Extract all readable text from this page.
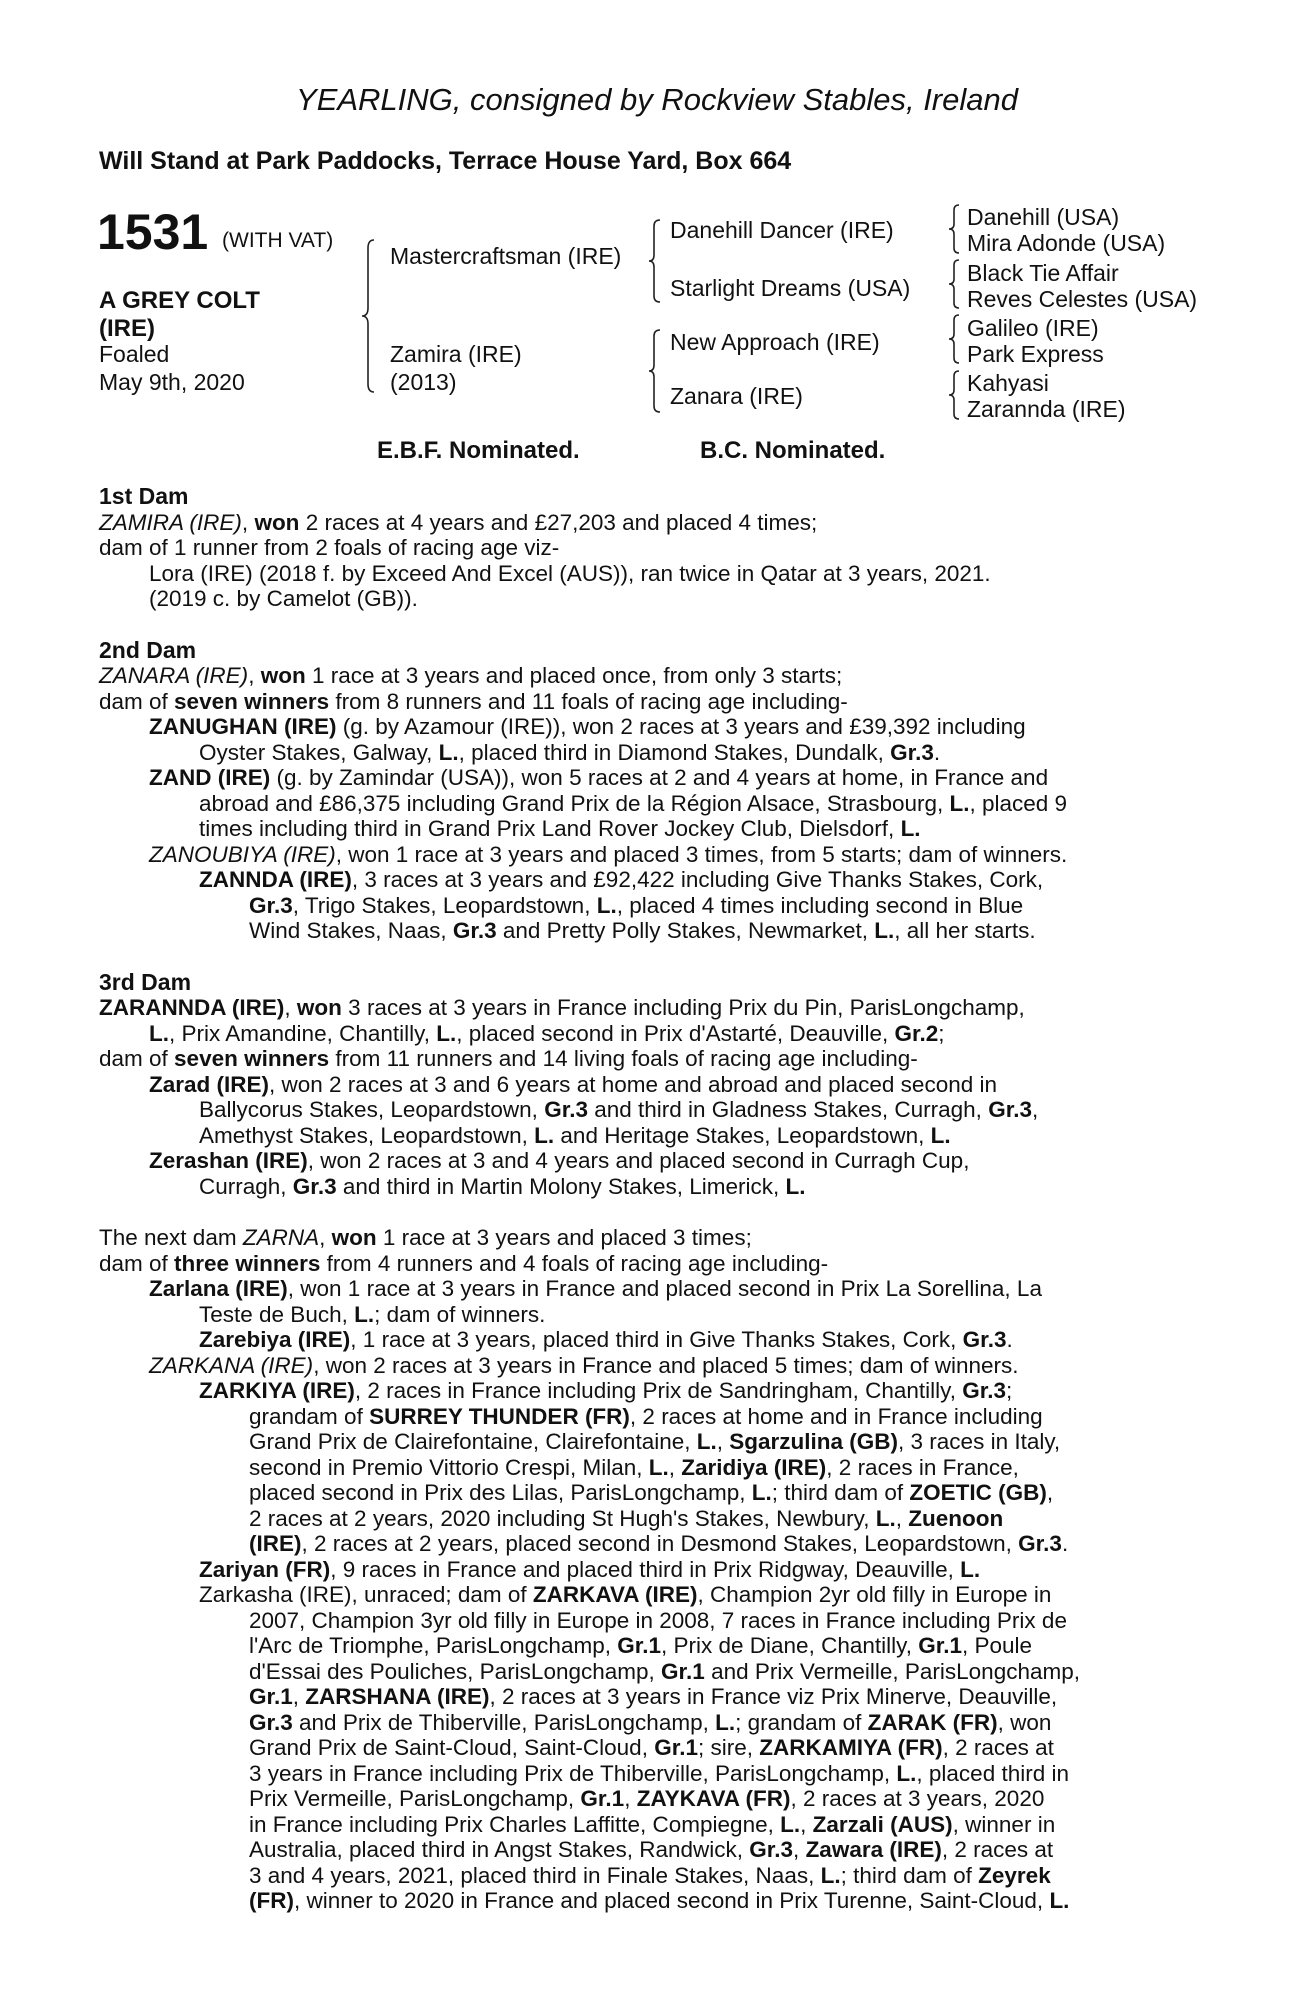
YEARLING, consigned by Rockview Stables, Ireland
Will Stand at Park Paddocks, Terrace House Yard, Box 664
1531 (WITH VAT)
A GREY COLT
(IRE)
Foaled
May 9th, 2020
Mastercraftsman (IRE)
Zamira (IRE)
(2013)
Danehill Dancer (IRE)
Starlight Dreams (USA)
New Approach (IRE)
Zanara (IRE)
Danehill (USA)
Mira Adonde (USA)
Black Tie Affair
Reves Celestes (USA)
Galileo (IRE)
Park Express
Kahyasi
Zarannda (IRE)
E.B.F. Nominated.	B.C. Nominated.
1st Dam
ZAMIRA (IRE), won 2 races at 4 years and £27,203 and placed 4 times;
dam of 1 runner from 2 foals of racing age viz-
Lora (IRE) (2018 f. by Exceed And Excel (AUS)), ran twice in Qatar at 3 years, 2021.
(2019 c. by Camelot (GB)).
2nd Dam
ZANARA (IRE), won 1 race at 3 years and placed once, from only 3 starts;
dam of seven winners from 8 runners and 11 foals of racing age including-
ZANUGHAN (IRE) (g. by Azamour (IRE)), won 2 races at 3 years and £39,392 including
Oyster Stakes, Galway, L., placed third in Diamond Stakes, Dundalk, Gr.3.
ZAND (IRE) (g. by Zamindar (USA)), won 5 races at 2 and 4 years at home, in France and
abroad and £86,375 including Grand Prix de la Région Alsace, Strasbourg, L., placed 9
times including third in Grand Prix Land Rover Jockey Club, Dielsdorf, L.
ZANOUBIYA (IRE), won 1 race at 3 years and placed 3 times, from 5 starts; dam of winners.
ZANNDA (IRE), 3 races at 3 years and £92,422 including Give Thanks Stakes, Cork,
Gr.3, Trigo Stakes, Leopardstown, L., placed 4 times including second in Blue
Wind Stakes, Naas, Gr.3 and Pretty Polly Stakes, Newmarket, L., all her starts.
3rd Dam
ZARANNDA (IRE), won 3 races at 3 years in France including Prix du Pin, ParisLongchamp,
L., Prix Amandine, Chantilly, L., placed second in Prix d'Astarté, Deauville, Gr.2;
dam of seven winners from 11 runners and 14 living foals of racing age including-
Zarad (IRE), won 2 races at 3 and 6 years at home and abroad and placed second in
Ballycorus Stakes, Leopardstown, Gr.3 and third in Gladness Stakes, Curragh, Gr.3,
Amethyst Stakes, Leopardstown, L. and Heritage Stakes, Leopardstown, L.
Zerashan (IRE), won 2 races at 3 and 4 years and placed second in Curragh Cup,
Curragh, Gr.3 and third in Martin Molony Stakes, Limerick, L.
The next dam ZARNA, won 1 race at 3 years and placed 3 times;
dam of three winners from 4 runners and 4 foals of racing age including-
Zarlana (IRE), won 1 race at 3 years in France and placed second in Prix La Sorellina, La
Teste de Buch, L.; dam of winners.
Zarebiya (IRE), 1 race at 3 years, placed third in Give Thanks Stakes, Cork, Gr.3.
ZARKANA (IRE), won 2 races at 3 years in France and placed 5 times; dam of winners.
ZARKIYA (IRE), 2 races in France including Prix de Sandringham, Chantilly, Gr.3;
grandam of SURREY THUNDER (FR), 2 races at home and in France including
Grand Prix de Clairefontaine, Clairefontaine, L., Sgarzulina (GB), 3 races in Italy,
second in Premio Vittorio Crespi, Milan, L., Zaridiya (IRE), 2 races in France,
placed second in Prix des Lilas, ParisLongchamp, L.; third dam of ZOETIC (GB),
2 races at 2 years, 2020 including St Hugh's Stakes, Newbury, L., Zuenoon
(IRE), 2 races at 2 years, placed second in Desmond Stakes, Leopardstown, Gr.3.
Zariyan (FR), 9 races in France and placed third in Prix Ridgway, Deauville, L.
Zarkasha (IRE), unraced; dam of ZARKAVA (IRE), Champion 2yr old filly in Europe in
2007, Champion 3yr old filly in Europe in 2008, 7 races in France including Prix de
l'Arc de Triomphe, ParisLongchamp, Gr.1, Prix de Diane, Chantilly, Gr.1, Poule
d'Essai des Pouliches, ParisLongchamp, Gr.1 and Prix Vermeille, ParisLongchamp,
Gr.1, ZARSHANA (IRE), 2 races at 3 years in France viz Prix Minerve, Deauville,
Gr.3 and Prix de Thiberville, ParisLongchamp, L.; grandam of ZARAK (FR), won
Grand Prix de Saint-Cloud, Saint-Cloud, Gr.1; sire, ZARKAMIYA (FR), 2 races at
3 years in France including Prix de Thiberville, ParisLongchamp, L., placed third in
Prix Vermeille, ParisLongchamp, Gr.1, ZAYKAVA (FR), 2 races at 3 years, 2020
in France including Prix Charles Laffitte, Compiegne, L., Zarzali (AUS), winner in
Australia, placed third in Angst Stakes, Randwick, Gr.3, Zawara (IRE), 2 races at
3 and 4 years, 2021, placed third in Finale Stakes, Naas, L.; third dam of Zeyrek
(FR), winner to 2020 in France and placed second in Prix Turenne, Saint-Cloud, L.
